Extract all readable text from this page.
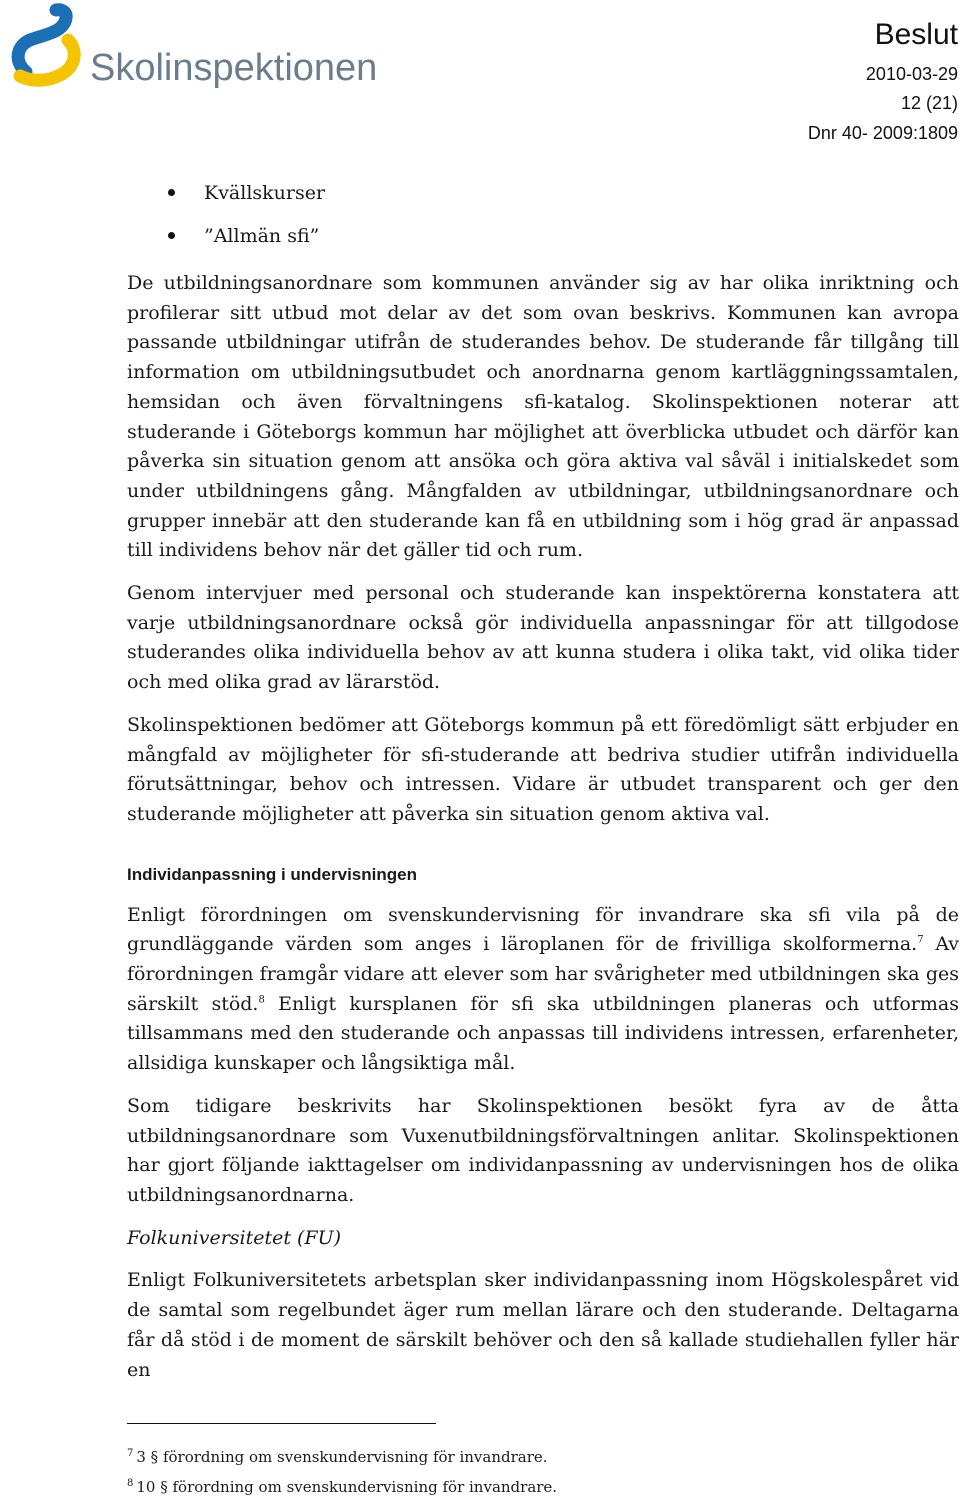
Skolinspektionen
Beslut
2010-03-29
12 (21)
Dnr 40- 2009:1809
Kvällskurser
”Allmän sfi”

De utbildningsanordnare som kommunen använder sig av har olika inriktning och profilerar sitt utbud mot delar av det som ovan beskrivs. Kommunen kan avropa passande utbildningar utifrån de studerandes behov. De studerande får tillgång till information om utbildningsutbudet och anordnarna genom kartläggningssamtalen, hemsidan och även förvaltningens sfi-katalog. Skolinspektionen noterar att studerande i Göteborgs kommun har möjlighet att överblicka utbudet och därför kan påverka sin situation genom att ansöka och göra aktiva val såväl i initialskedet som under utbildningens gång. Mångfalden av utbildningar, utbildningsanordnare och grupper innebär att den studerande kan få en utbildning som i hög grad är anpassad till individens behov när det gäller tid och rum.

Genom intervjuer med personal och studerande kan inspektörerna konstatera att varje utbildningsanordnare också gör individuella anpassningar för att tillgodose studerandes olika individuella behov av att kunna studera i olika takt, vid olika tider och med olika grad av lärarstöd.

Skolinspektionen bedömer att Göteborgs kommun på ett föredömligt sätt erbjuder en mångfald av möjligheter för sfi-studerande att bedriva studier utifrån individuella förutsättningar, behov och intressen. Vidare är utbudet transparent och ger den studerande möjligheter att påverka sin situation genom aktiva val.

Individanpassning i undervisningen

Enligt förordningen om svenskundervisning för invandrare ska sfi vila på de grundläggande värden som anges i läroplanen för de frivilliga skolformerna.$^7$ Av förordningen framgår vidare att elever som har svårigheter med utbildningen ska ges särskilt stöd.$^8$ Enligt kursplanen för sfi ska utbildningen planeras och utformas tillsammans med den studerande och anpassas till individens intressen, erfarenheter, allsidiga kunskaper och långsiktiga mål.

Som tidigare beskrivits har Skolinspektionen besökt fyra av de åtta utbildningsanordnare som Vuxenutbildningsförvaltningen anlitar. Skolinspektionen har gjort följande iakttagelser om individanpassning av undervisningen hos de olika utbildningsanordnarna.

Folkuniversitetet (FU)

Enligt Folkuniversitetets arbetsplan sker individanpassning inom Högskolespåret vid de samtal som regelbundet äger rum mellan lärare och den studerande. Deltagarna får då stöd i de moment de särskilt behöver och den så kallade studiehallen fyller här en

$^7$ 3 § förordning om svenskundervisning för invandrare.
$^8$ 10 § förordning om svenskundervisning för invandrare.
